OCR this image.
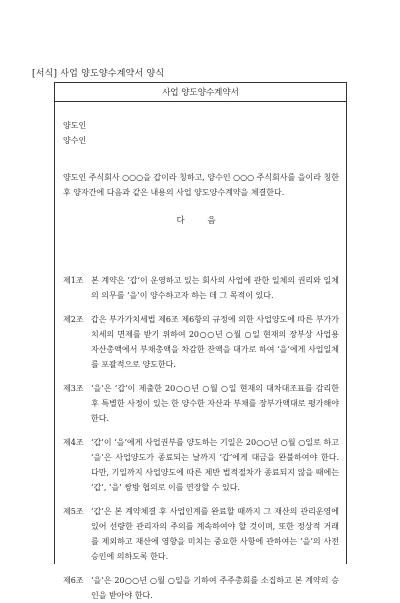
[서식] 사업 양도양수계약서 양식
사업 양도양수계약서

양도인

양수인

양도인 주식회사 ○○○을 갑이라 칭하고, 양수인 ○○○ 주식회사를 을이라 칭한 후 양자간에 다음과 같은 내용의 사업 양도양수계약을 체결한다.

다 음
제1조 본 계약은 ‘갑’이 운영하고 있는 회사의 사업에 관한 일체의 권리와 일체의 의무를 ‘을’이 양수하고자 하는 데 그 목적이 있다.
제2조 갑은 부가가치세법 제6조 제6항의 규정에 의한 사업양도에 따른 부가가치세의 면제를 받기 위하여 20○○년 ○월 ○일 현재의 장부상 사업용 자산총액에서 부채총액을 차감한 잔액을 대가로 하여 ‘을’에게 사업일체를 포괄적으로 양도한다.
제3조 ‘을’은 ‘갑’이 제출한 20○○년 ○월 ○일 현재의 대차대조표를 감리한 후 특별한 사정이 있는 한 양수한 자산과 부채를 장부가액대로 평가해야 한다.
제4조 ‘갑’이 ‘을’에게 사업권부를 양도하는 기일은 20○○년 ○월 ○일로 하고 ‘을’은 사업양도가 종료되는 날까지 ‘갑’에게 대금을 완불하여야 한다. 다만, 기일까지 사업양도에 따른 제반 법적절차가 종료되지 않을 때에는 ‘갑’, ‘을’ 쌍방 협의로 이를 연장할 수 있다.
제5조 ‘갑’은 본 계약체결 후 사업인계를 완료할 때까지 그 재산의 관리운영에 있어 선량한 관리자의 주의를 계속하여야 할 것이며, 또한 정상적 거래를 제외하고 재산에 영향을 미치는 중요한 사항에 관하여는 ‘을’의 사전승인에 의하도록 한다.
제6조 ‘을’은 20○○년 ○월 ○일을 기하여 주주총회를 소집하고 본 계약의 승인을 받아야 한다.
